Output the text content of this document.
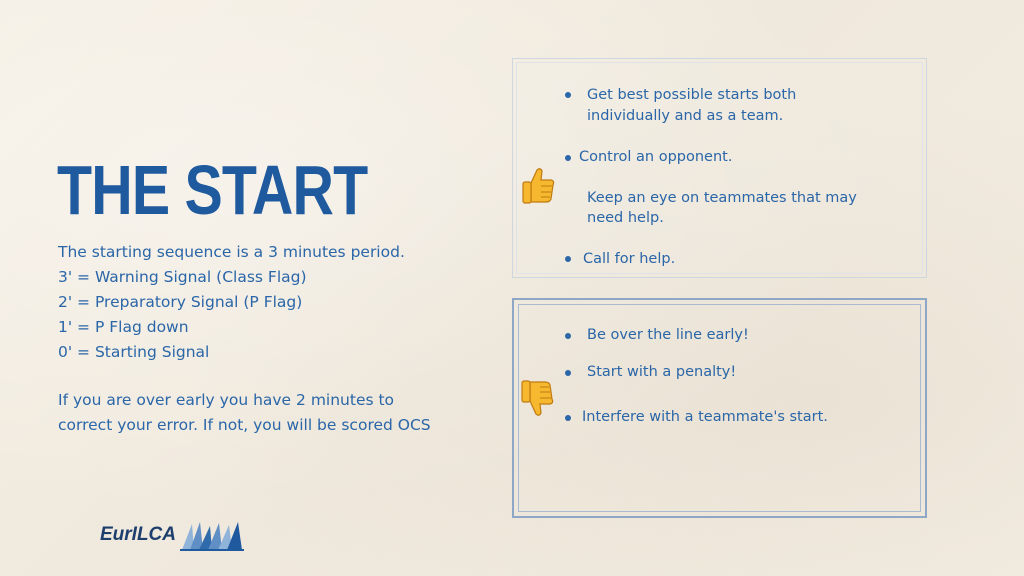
THE START
The starting sequence is a 3 minutes period.
3' = Warning Signal (Class Flag)
2' = Preparatory Signal (P Flag)
1' = P Flag down
0' = Starting Signal
If you are over early you have 2 minutes to
correct your error. If not, you will be scored OCS
Get best possible starts both
individually and as a team.
Control an opponent.
Keep an eye on teammates that may
need help.
Call for help.
Be over the line early!
Start with a penalty!
Interfere with a teammate's start.
EurILCA
